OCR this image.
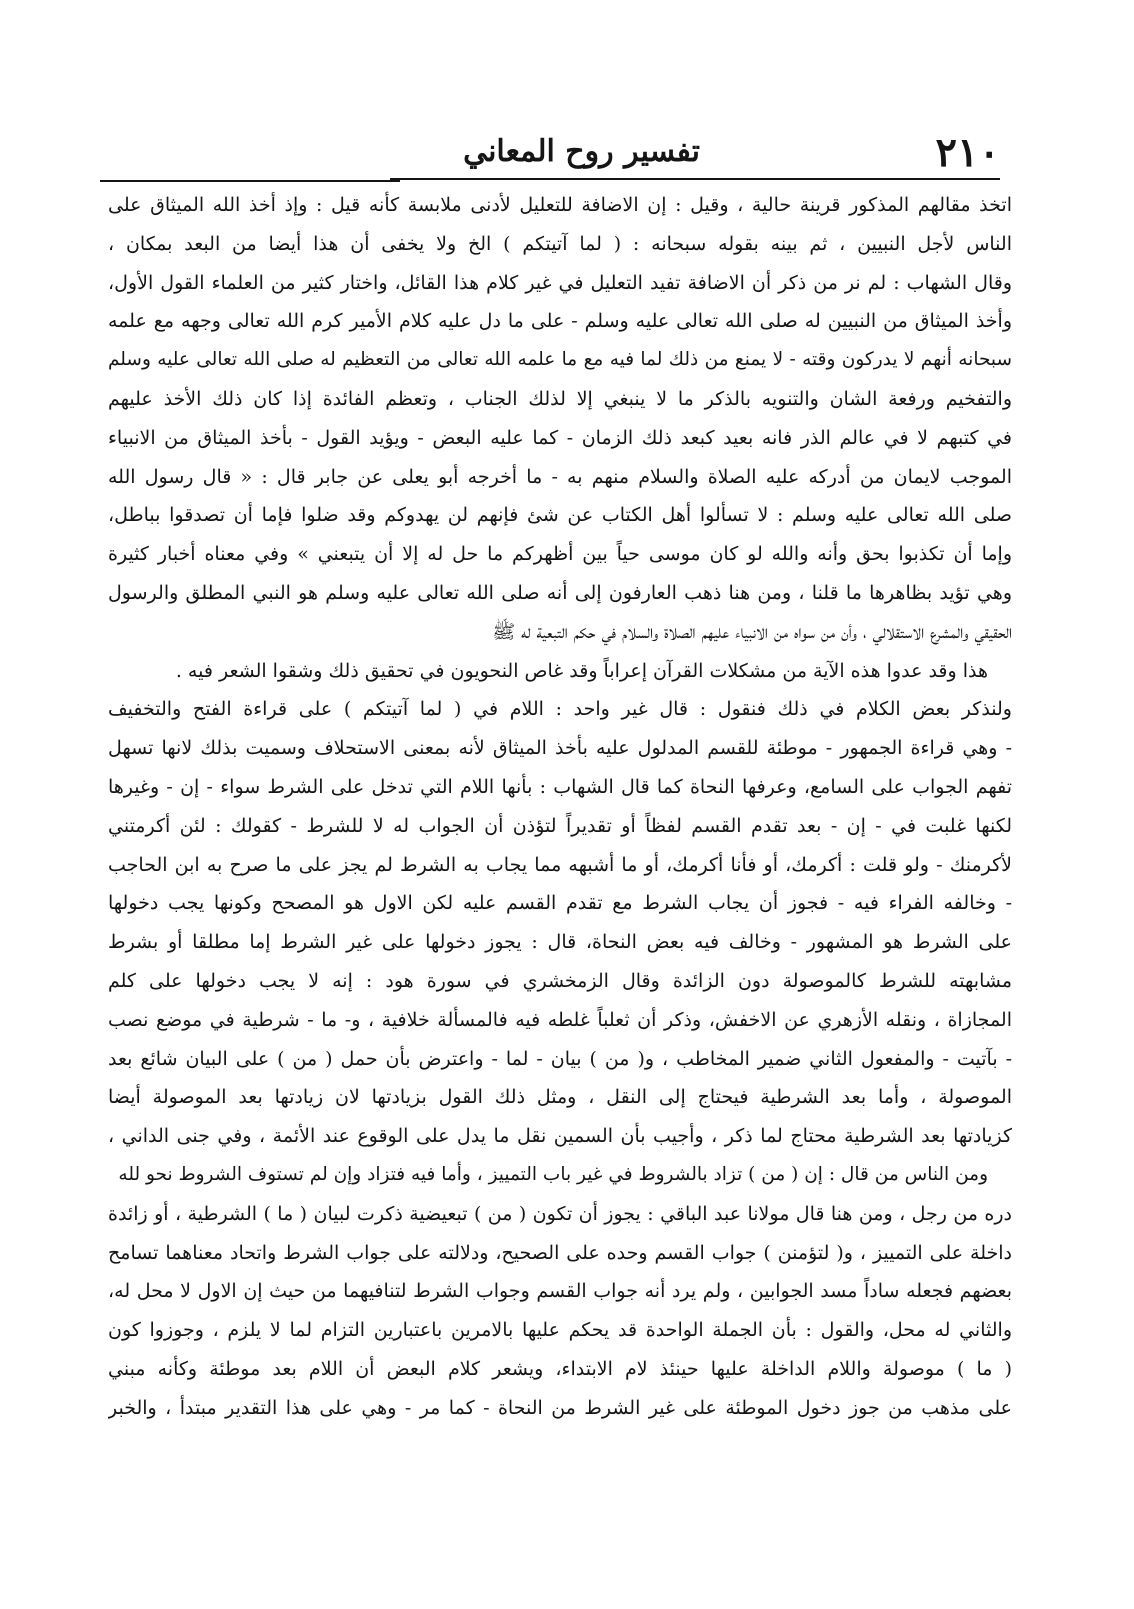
٢١٠
تفسير روح المعاني
اتخذ مقالهم المذكور قرينة حالية ، وقيل : إن الاضافة للتعليل لأدنى ملابسة كأنه قيل : وإذ أخذ الله الميثاق على
الناس لأجل النبيين ، ثم بينه بقوله سبحانه : ( لما آتيتكم ) الخ ولا يخفى أن هذا أيضا من البعد بمكان ،
وقال الشهاب : لم نر من ذكر أن الاضافة تفيد التعليل في غير كلام هذا القائل، واختار كثير من العلماء القول الأول،
وأخذ الميثاق من النبيين له صلى الله تعالى عليه وسلم - على ما دل عليه كلام الأمير كرم الله تعالى وجهه مع علمه
سبحانه أنهم لا يدركون وقته - لا يمنع من ذلك لما فيه مع ما علمه الله تعالى من التعظيم له صلى الله تعالى عليه وسلم
والتفخيم ورفعة الشان والتنويه بالذكر ما لا ينبغي إلا لذلك الجناب ، وتعظم الفائدة إذا كان ذلك الأخذ عليهم
في كتبهم لا في عالم الذر فانه بعيد كبعد ذلك الزمان - كما عليه البعض - ويؤيد القول - بأخذ الميثاق من الانبياء
الموجب لايمان من أدركه عليه الصلاة والسلام منهم به - ما أخرجه أبو يعلى عن جابر قال : « قال رسول الله
صلى الله تعالى عليه وسلم : لا تسألوا أهل الكتاب عن شئ فإنهم لن يهدوكم وقد ضلوا فإما أن تصدقوا بباطل،
وإما أن تكذبوا بحق وأنه والله لو كان موسى حياً بين أظهركم ما حل له إلا أن يتبعني » وفي معناه أخبار كثيرة
وهي تؤيد بظاهرها ما قلنا ، ومن هنا ذهب العارفون إلى أنه صلى الله تعالى عليه وسلم هو النبي المطلق والرسول
الحقيقي والمشرع الاستقلالي ، وأن من سواه من الانبياء عليهم الصلاة والسلام في حكم التبعية له ﷺ
هذا وقد عدوا هذه الآية من مشكلات القرآن إعراباً وقد غاص النحويون في تحقيق ذلك وشقوا الشعر فيه .
ولنذكر بعض الكلام في ذلك فنقول : قال غير واحد : اللام في ( لما آتيتكم ) على قراءة الفتح والتخفيف
- وهي قراءة الجمهور - موطئة للقسم المدلول عليه بأخذ الميثاق لأنه بمعنى الاستحلاف وسميت بذلك لانها تسهل
تفهم الجواب على السامع، وعرفها النحاة كما قال الشهاب : بأنها اللام التي تدخل على الشرط سواء - إن - وغيرها
لكنها غلبت في - إن - بعد تقدم القسم لفظاً أو تقديراً لتؤذن أن الجواب له لا للشرط - كقولك : لئن أكرمتني
لأكرمنك - ولو قلت : أكرمك، أو فأنا أكرمك، أو ما أشبهه مما يجاب به الشرط لم يجز على ما صرح به ابن الحاجب
- وخالفه الفراء فيه - فجوز أن يجاب الشرط مع تقدم القسم عليه لكن الاول هو المصحح وكونها يجب دخولها
على الشرط هو المشهور - وخالف فيه بعض النحاة، قال : يجوز دخولها على غير الشرط إما مطلقا أو بشرط
مشابهته للشرط كالموصولة دون الزائدة وقال الزمخشري في سورة هود : إنه لا يجب دخولها على كلم
المجازاة ، ونقله الأزهري عن الاخفش، وذكر أن ثعلباً غلطه فيه فالمسألة خلافية ، و- ما - شرطية في موضع نصب
- بآتيت - والمفعول الثاني ضمير المخاطب ، و( من ) بيان - لما - واعترض بأن حمل ( من ) على البيان شائع بعد
الموصولة ، وأما بعد الشرطية فيحتاج إلى النقل ، ومثل ذلك القول بزيادتها لان زيادتها بعد الموصولة أيضا
كزيادتها بعد الشرطية محتاج لما ذكر ، وأجيب بأن السمين نقل ما يدل على الوقوع عند الأئمة ، وفي جنى الداني ،
ومن الناس من قال : إن ( من ) تزاد بالشروط في غير باب التمييز ، وأما فيه فتزاد وإن لم تستوف الشروط نحو لله
دره من رجل ، ومن هنا قال مولانا عبد الباقي : يجوز أن تكون ( من ) تبعيضية ذكرت لبيان ( ما ) الشرطية ، أو زائدة
داخلة على التمييز ، و( لتؤمنن ) جواب القسم وحده على الصحيح، ودلالته على جواب الشرط واتحاد معناهما تسامح
بعضهم فجعله ساداً مسد الجوابين ، ولم يرد أنه جواب القسم وجواب الشرط لتنافيهما من حيث إن الاول لا محل له،
والثاني له محل، والقول : بأن الجملة الواحدة قد يحكم عليها بالامرين باعتبارين التزام لما لا يلزم ، وجوزوا كون
( ما ) موصولة واللام الداخلة عليها حينئذ لام الابتداء، ويشعر كلام البعض أن اللام بعد موطئة وكأنه مبني
على مذهب من جوز دخول الموطئة على غير الشرط من النحاة - كما مر - وهي على هذا التقدير مبتدأ ، والخبر
